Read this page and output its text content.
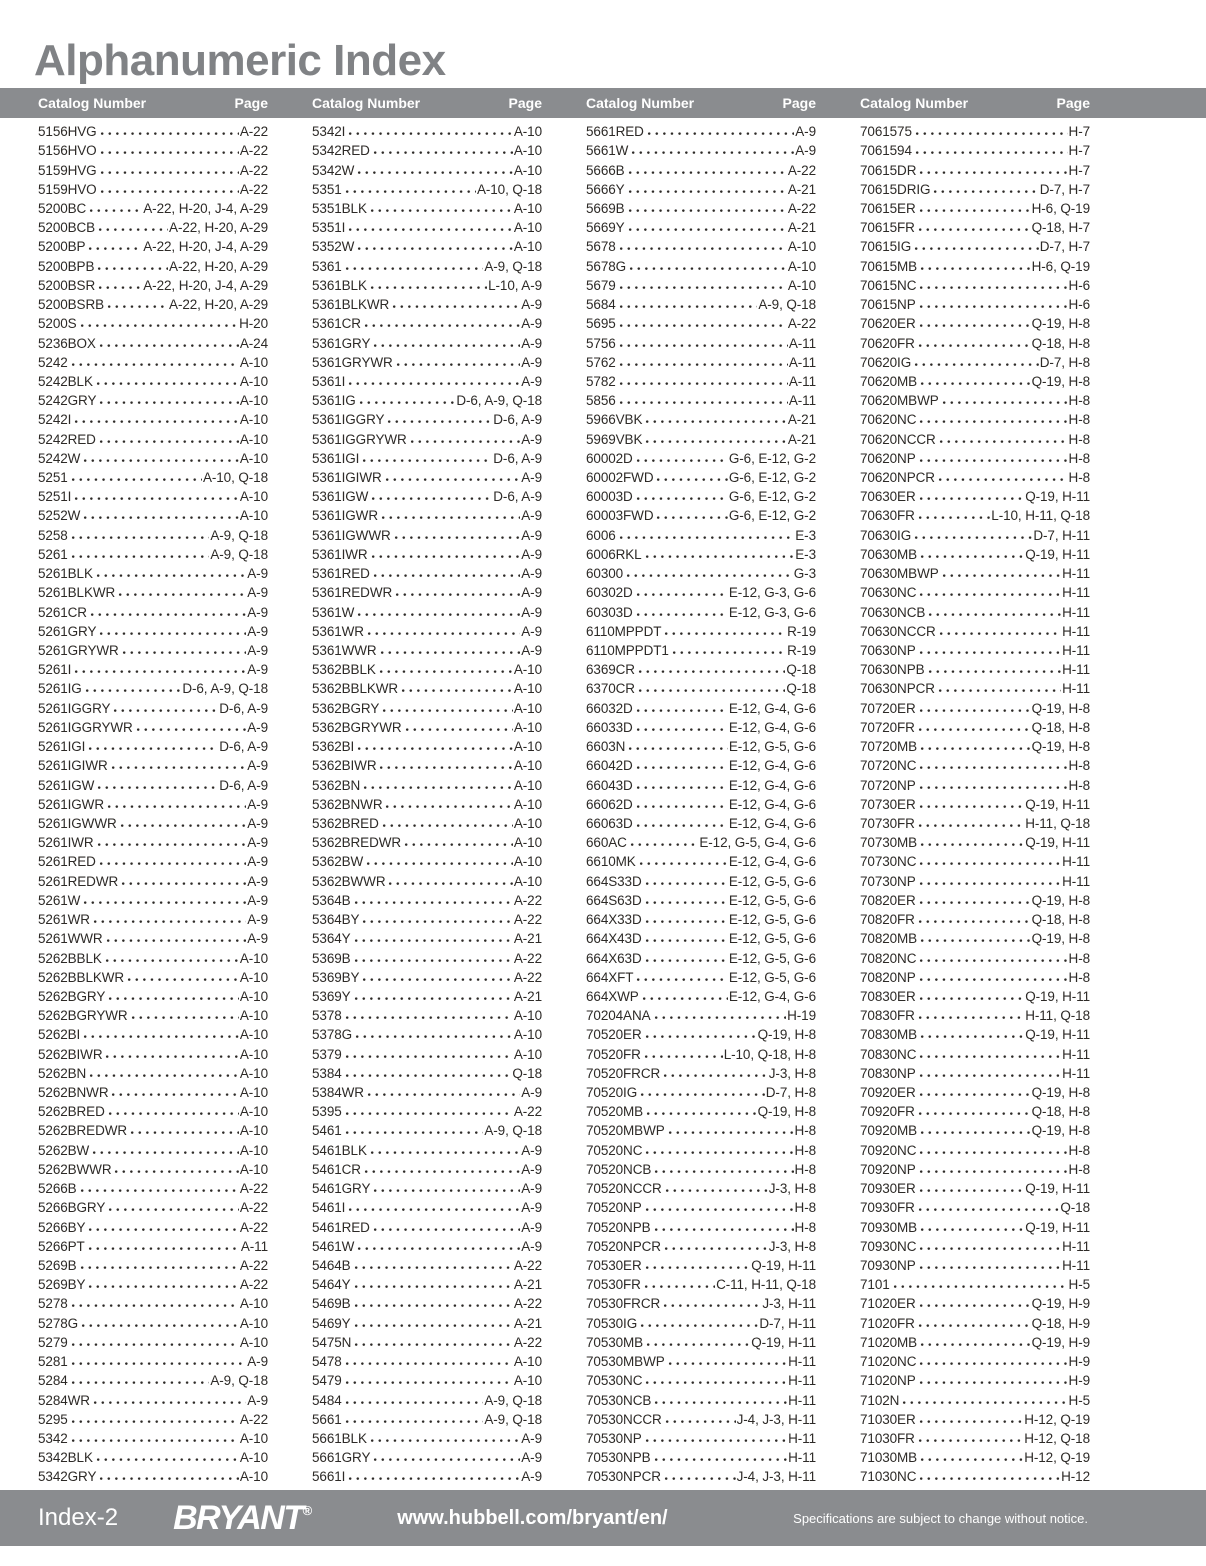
Alphanumeric Index
Catalog Number	Page	Catalog Number	Page	Catalog Number	Page	Catalog Number	Page
5156HVG	A-22
5156HVO	A-22
5159HVG	A-22
5159HVO	A-22
5200BC	A-22, H-20, J-4, A-29
5200BCB	A-22, H-20, A-29
5200BP	A-22, H-20, J-4, A-29
5200BPB	A-22, H-20, A-29
5200BSR	A-22, H-20, J-4, A-29
5200BSRB	A-22, H-20, A-29
5200S	H-20
5236BOX	A-24
5242	A-10
5242BLK	A-10
5242GRY	A-10
5242I	A-10
5242RED	A-10
5242W	A-10
5251	A-10, Q-18
5251I	A-10
5252W	A-10
5258	A-9, Q-18
5261	A-9, Q-18
5261BLK	A-9
5261BLKWR	A-9
5261CR	A-9
5261GRY	A-9
5261GRYWR	A-9
5261I	A-9
5261IG	D-6, A-9, Q-18
5261IGGRY	D-6, A-9
5261IGGRYWR	A-9
5261IGI	D-6, A-9
5261IGIWR	A-9
5261IGW	D-6, A-9
5261IGWR	A-9
5261IGWWR	A-9
5261IWR	A-9
5261RED	A-9
5261REDWR	A-9
5261W	A-9
5261WR	A-9
5261WWR	A-9
5262BBLK	A-10
5262BBLKWR	A-10
5262BGRY	A-10
5262BGRYWR	A-10
5262BI	A-10
5262BIWR	A-10
5262BN	A-10
5262BNWR	A-10
5262BRED	A-10
5262BREDWR	A-10
5262BW	A-10
5262BWWR	A-10
5266B	A-22
5266BGRY	A-22
5266BY	A-22
5266PT	A-11
5269B	A-22
5269BY	A-22
5278	A-10
5278G	A-10
5279	A-10
5281	A-9
5284	A-9, Q-18
5284WR	A-9
5295	A-22
5342	A-10
5342BLK	A-10
5342GRY	A-10
5342I	A-10
5342RED	A-10
5342W	A-10
5351	A-10, Q-18
5351BLK	A-10
5351I	A-10
5352W	A-10
5361	A-9, Q-18
5361BLK	L-10, A-9
5361BLKWR	A-9
5361CR	A-9
5361GRY	A-9
5361GRYWR	A-9
5361I	A-9
5361IG	D-6, A-9, Q-18
5361IGGRY	D-6, A-9
5361IGGRYWR	A-9
5361IGI	D-6, A-9
5361IGIWR	A-9
5361IGW	D-6, A-9
5361IGWR	A-9
5361IGWWR	A-9
5361IWR	A-9
5361RED	A-9
5361REDWR	A-9
5361W	A-9
5361WR	A-9
5361WWR	A-9
5362BBLK	A-10
5362BBLKWR	A-10
5362BGRY	A-10
5362BGRYWR	A-10
5362BI	A-10
5362BIWR	A-10
5362BN	A-10
5362BNWR	A-10
5362BRED	A-10
5362BREDWR	A-10
5362BW	A-10
5362BWWR	A-10
5364B	A-22
5364BY	A-22
5364Y	A-21
5369B	A-22
5369BY	A-22
5369Y	A-21
5378	A-10
5378G	A-10
5379	A-10
5384	Q-18
5384WR	A-9
5395	A-22
5461	A-9, Q-18
5461BLK	A-9
5461CR	A-9
5461GRY	A-9
5461I	A-9
5461RED	A-9
5461W	A-9
5464B	A-22
5464Y	A-21
5469B	A-22
5469Y	A-21
5475N	A-22
5478	A-10
5479	A-10
5484	A-9, Q-18
5661	A-9, Q-18
5661BLK	A-9
5661GRY	A-9
5661I	A-9
5661RED	A-9
5661W	A-9
5666B	A-22
5666Y	A-21
5669B	A-22
5669Y	A-21
5678	A-10
5678G	A-10
5679	A-10
5684	A-9, Q-18
5695	A-22
5756	A-11
5762	A-11
5782	A-11
5856	A-11
5966VBK	A-21
5969VBK	A-21
60002D	G-6, E-12, G-2
60002FWD	G-6, E-12, G-2
60003D	G-6, E-12, G-2
60003FWD	G-6, E-12, G-2
6006	E-3
6006RKL	E-3
60300	G-3
60302D	E-12, G-3, G-6
60303D	E-12, G-3, G-6
6110MPPDT	R-19
6110MPPDT1	R-19
6369CR	Q-18
6370CR	Q-18
66032D	E-12, G-4, G-6
66033D	E-12, G-4, G-6
6603N	E-12, G-5, G-6
66042D	E-12, G-4, G-6
66043D	E-12, G-4, G-6
66062D	E-12, G-4, G-6
66063D	E-12, G-4, G-6
660AC	E-12, G-5, G-4, G-6
6610MK	E-12, G-4, G-6
664S33D	E-12, G-5, G-6
664S63D	E-12, G-5, G-6
664X33D	E-12, G-5, G-6
664X43D	E-12, G-5, G-6
664X63D	E-12, G-5, G-6
664XFT	E-12, G-5, G-6
664XWP	E-12, G-4, G-6
70204ANA	H-19
70520ER	Q-19, H-8
70520FR	L-10, Q-18, H-8
70520FRCR	J-3, H-8
70520IG	D-7, H-8
70520MB	Q-19, H-8
70520MBWP	H-8
70520NC	H-8
70520NCB	H-8
70520NCCR	J-3, H-8
70520NP	H-8
70520NPB	H-8
70520NPCR	J-3, H-8
70530ER	Q-19, H-11
70530FR	C-11, H-11, Q-18
70530FRCR	J-3, H-11
70530IG	D-7, H-11
70530MB	Q-19, H-11
70530MBWP	H-11
70530NC	H-11
70530NCB	H-11
70530NCCR	J-4, J-3, H-11
70530NP	H-11
70530NPB	H-11
70530NPCR	J-4, J-3, H-11
7061575	H-7
7061594	H-7
70615DR	H-7
70615DRIG	D-7, H-7
70615ER	H-6, Q-19
70615FR	Q-18, H-7
70615IG	D-7, H-7
70615MB	H-6, Q-19
70615NC	H-6
70615NP	H-6
70620ER	Q-19, H-8
70620FR	Q-18, H-8
70620IG	D-7, H-8
70620MB	Q-19, H-8
70620MBWP	H-8
70620NC	H-8
70620NCCR	H-8
70620NP	H-8
70620NPCR	H-8
70630ER	Q-19, H-11
70630FR	L-10, H-11, Q-18
70630IG	D-7, H-11
70630MB	Q-19, H-11
70630MBWP	H-11
70630NC	H-11
70630NCB	H-11
70630NCCR	H-11
70630NP	H-11
70630NPB	H-11
70630NPCR	H-11
70720ER	Q-19, H-8
70720FR	Q-18, H-8
70720MB	Q-19, H-8
70720NC	H-8
70720NP	H-8
70730ER	Q-19, H-11
70730FR	H-11, Q-18
70730MB	Q-19, H-11
70730NC	H-11
70730NP	H-11
70820ER	Q-19, H-8
70820FR	Q-18, H-8
70820MB	Q-19, H-8
70820NC	H-8
70820NP	H-8
70830ER	Q-19, H-11
70830FR	H-11, Q-18
70830MB	Q-19, H-11
70830NC	H-11
70830NP	H-11
70920ER	Q-19, H-8
70920FR	Q-18, H-8
70920MB	Q-19, H-8
70920NC	H-8
70920NP	H-8
70930ER	Q-19, H-11
70930FR	Q-18
70930MB	Q-19, H-11
70930NC	H-11
70930NP	H-11
7101	H-5
71020ER	Q-19, H-9
71020FR	Q-18, H-9
71020MB	Q-19, H-9
71020NC	H-9
71020NP	H-9
7102N	H-5
71030ER	H-12, Q-19
71030FR	H-12, Q-18
71030MB	H-12, Q-19
71030NC	H-12
Index-2 BRYANT®	www.hubbell.com/bryant/en/	Specifications are subject to change without notice.
